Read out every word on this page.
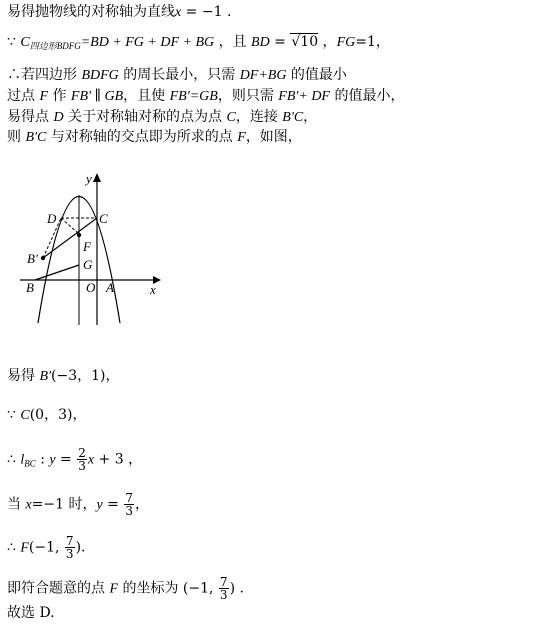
易得抛物线的对称轴为直线x = −1 .
∵ $C_{四边形BDFG}=BD$ + FG + DF + BG ，且 BD = √10 ，FG=1，
∴若四边形 BDFG 的周长最小，只需 DF+BG 的值最小
过点 F 作 FB' ∥ GB，且使 FB'=GB，则只需 FB'+ DF 的值最小，
易得点 D 关于对称轴对称的点为点 C，连接 B'C，
则 B'C 与对称轴的交点即为所求的点 F，如图，
y
x
D	C
F
B'	G
B	O A
易得 B'(−3，1)，
∵ C(0，3)，
∴ $l_{BC}$ : $y = \frac{2}{3}$ x + 3 ，
当 x=−1 时，$y = \frac{7}{3}$ ，
∴ F(−1, $\frac{7}{3}$ ).
即符合题意的点 F 的坐标为 (−1, $\frac{7}{3}$ ) .
故选 D.
